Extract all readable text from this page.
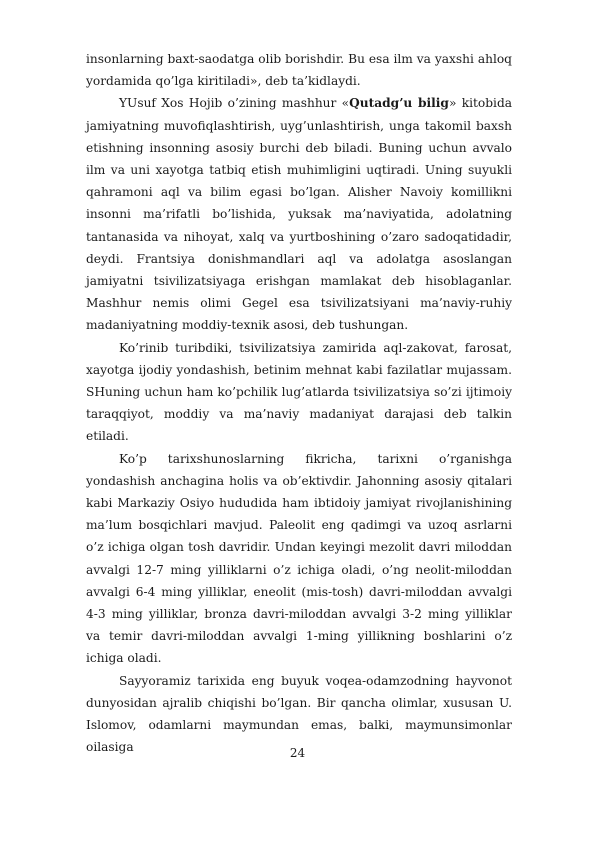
insonlarning baxt-saodatga olib borishdir. Bu esa ilm va yaxshi ahloq yordamida qo’lga kiritiladi», deb ta’kidlaydi.

YUsuf Xos Hojib o’zining mashhur «Qutadg’u bilig» kitobida jamiyatning muvofiqlashtirish, uyg’unlashtirish, unga takomil baxsh etishning insonning asosiy burchi deb biladi. Buning uchun avvalo ilm va uni xayotga tatbiq etish muhimligini uqtiradi. Uning suyukli qahramoni aql va bilim egasi bo’lgan. Alisher Navoiy komillikni insonni ma’rifatli bo’lishida, yuksak ma’naviyatida, adolatning tantanasida va nihoyat, xalq va yurtboshining o’zaro sadoqatidadir, deydi. Frantsiya donishmandlari aql va adolatga asoslangan jamiyatni tsivilizatsiyaga erishgan mamlakat deb hisoblaganlar. Mashhur nemis olimi Gegel esa tsivilizatsiyani ma’naviy-ruhiy madaniyatning moddiy-texnik asosi, deb tushungan.

Ko’rinib turibdiki, tsivilizatsiya zamirida aql-zakovat, farosat, xayotga ijodiy yondashish, betinim mehnat kabi fazilatlar mujassam. SHuning uchun ham ko’pchilik lug’atlarda tsivilizatsiya so’zi ijtimoiy taraqqiyot, moddiy va ma’naviy madaniyat darajasi deb talkin etiladi.

Ko’p tarixshunoslarning fikricha, tarixni o’rganishga yondashish anchagina holis va ob’ektivdir. Jahonning asosiy qitalari kabi Markaziy Osiyo hududida ham ibtidoiy jamiyat rivojlanishining ma’lum bosqichlari mavjud. Paleolit eng qadimgi va uzoq asrlarni o’z ichiga olgan tosh davridir. Undan keyingi mezolit davri miloddan avvalgi 12-7 ming yilliklarni o’z ichiga oladi, o’ng neolit-miloddan avvalgi 6-4 ming yilliklar, eneolit (mis-tosh) davri-miloddan avvalgi 4-3 ming yilliklar, bronza davri-miloddan avvalgi 3-2 ming yilliklar va temir davri-miloddan avvalgi 1-ming yillikning boshlarini o’z ichiga oladi.

Sayyoramiz tarixida eng buyuk voqea-odamzodning hayvonot dunyosidan ajralib chiqishi bo’lgan. Bir qancha olimlar, xususan U. Islomov, odamlarni maymundan emas, balki, maymunsimonlar oilasiga	24
